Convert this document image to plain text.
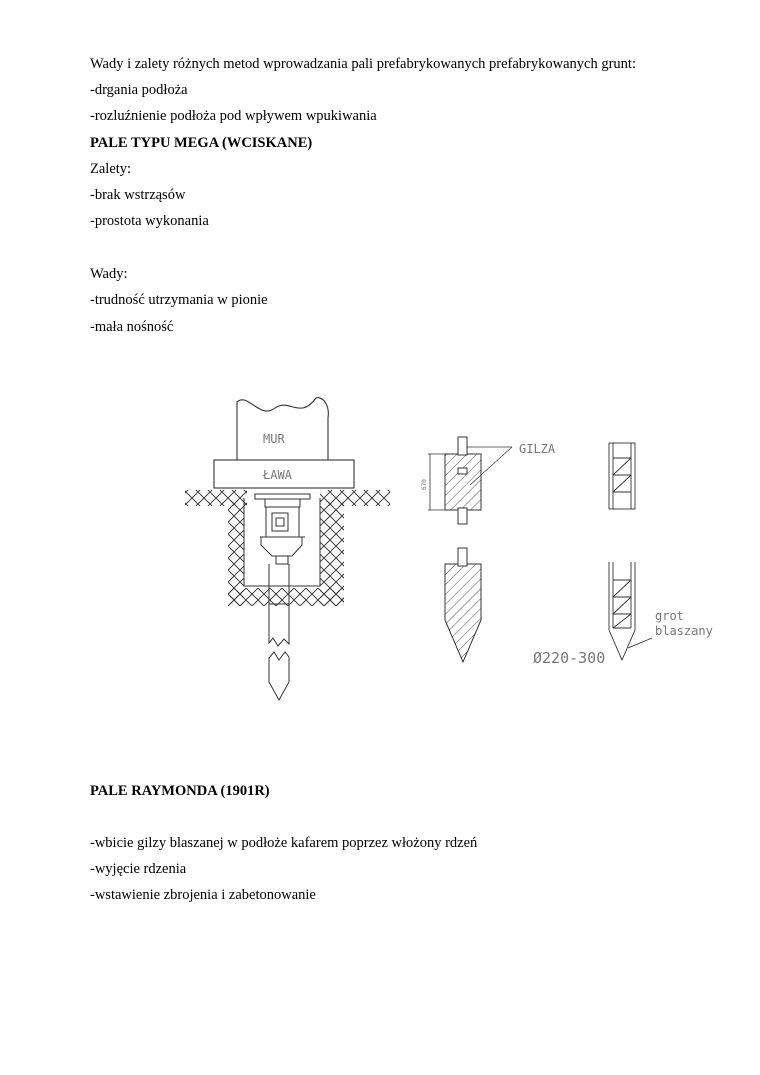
Wady i zalety różnych metod wprowadzania pali prefabrykowanych prefabrykowanych grunt:
-drgania podłoża
-rozluźnienie podłoża pod wpływem wpukiwania
PALE TYPU MEGA (WCISKANE)
Zalety:
-brak wstrząsów
-prostota wykonania
Wady:
-trudność utrzymania w pionie
-mała nośność
MUR
ŁAWA
670
GILZA
grot
blaszany
Ø220-300
PALE RAYMONDA (1901R)
-wbicie gilzy blaszanej w podłoże kafarem poprzez włożony rdzeń
-wyjęcie rdzenia
-wstawienie zbrojenia i zabetonowanie
